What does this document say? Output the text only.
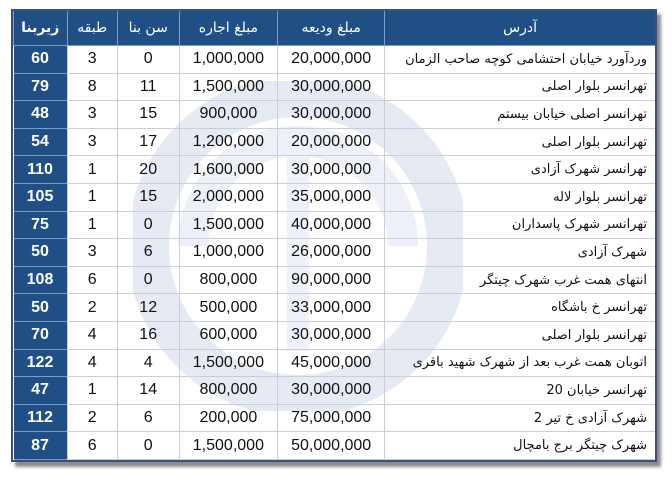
آدرس	مبلغ ودیعه	مبلغ اجاره	سن بنا	طبقه	زیربنا
وردآورد خیابان احتشامی کوچه صاحب الزمان	20,000,000	1,000,000	0	3	60
تهرانسر بلوار اصلی	30,000,000	1,500,000	11	8	79
تهرانسر اصلی خیابان بیستم	30,000,000	900,000	15	3	48
تهرانسر بلوار اصلی	20,000,000	1,200,000	17	3	54
تهرانسر شهرک آزادی	30,000,000	1,600,000	20	1	110
تهرانسر بلوار لاله	35,000,000	2,000,000	15	1	105
تهرانسر شهرک پاسداران	40,000,000	1,500,000	0	1	75
شهرک آزادی	26,000,000	1,000,000	6	3	50
انتهای همت غرب شهرک چیتگر	90,000,000	800,000	0	6	108
تهرانسر خ باشگاه	33,000,000	500,000	12	2	50
تهرانسر بلوار اصلی	30,000,000	600,000	16	4	70
اتوبان همت غرب بعد از شهرک شهید باقری	45,000,000	1,500,000	4	4	122
تهرانسر خیابان 20	30,000,000	800,000	14	1	47
شهرک آزادی خ تیر 2	75,000,000	200,000	6	2	112
شهرک چیتگر برج بامچال	50,000,000	1,500,000	0	6	87
